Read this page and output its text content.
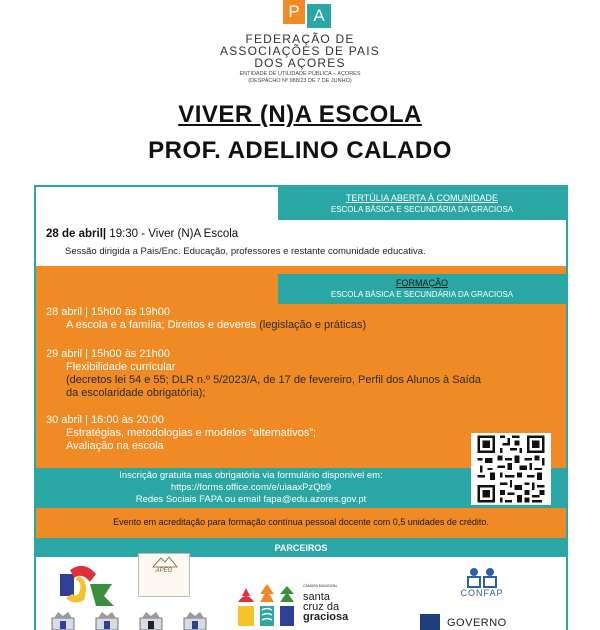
P A
FEDERAÇÃO DE
ASSOCIAÇÕES DE PAIS
DOS AÇORES
ENTIDADE DE UTILIDADE PÚBLICA – AÇORES
(DESPACHO Nº 988/23 DE 7 DE JUNHO)
VIVER (N)A ESCOLA
PROF. ADELINO CALADO
TERTÚLIA ABERTA À COMUNIDADE
ESCOLA BÁSICA E SECUNDÁRIA DA GRACIOSA
28 de abril| 19:30 - Viver (N)A Escola
Sessão dirigida a Pais/Enc. Educação, professores e restante comunidade educativa.
FORMAÇÃO
ESCOLA BÁSICA E SECUNDÁRIA DA GRACIOSA
28 abril | 15h00 às 19h00
A escola e a família; Direitos e deveres (legislação e práticas)
29 abril | 15h00 às 21h00
Flexibilidade curricular
(decretos lei 54 e 55; DLR n.º 5/2023/A, de 17 de fevereiro, Perfil dos Alunos à Saída
da escolaridade obrigatória);
30 abril | 16:00 às 20:00
Estratégias, metodologias e modelos “alternativos”;
Avaliação na escola
Inscrição gratuita mas obrigatória via formulário disponivel em:
https://forms.office.com/e/uiaaxPzQb9
Redes Sociais FAPA ou email fapa@edu.azores.gov.pt
Evento em acreditação para formação contínua pessoal docente com 0,5 unidades de crédito.
PARCEIROS
APEG
CÂMARA MUNICIPAL
santa
cruz da
graciosa
CONFAP
GOVERNO
